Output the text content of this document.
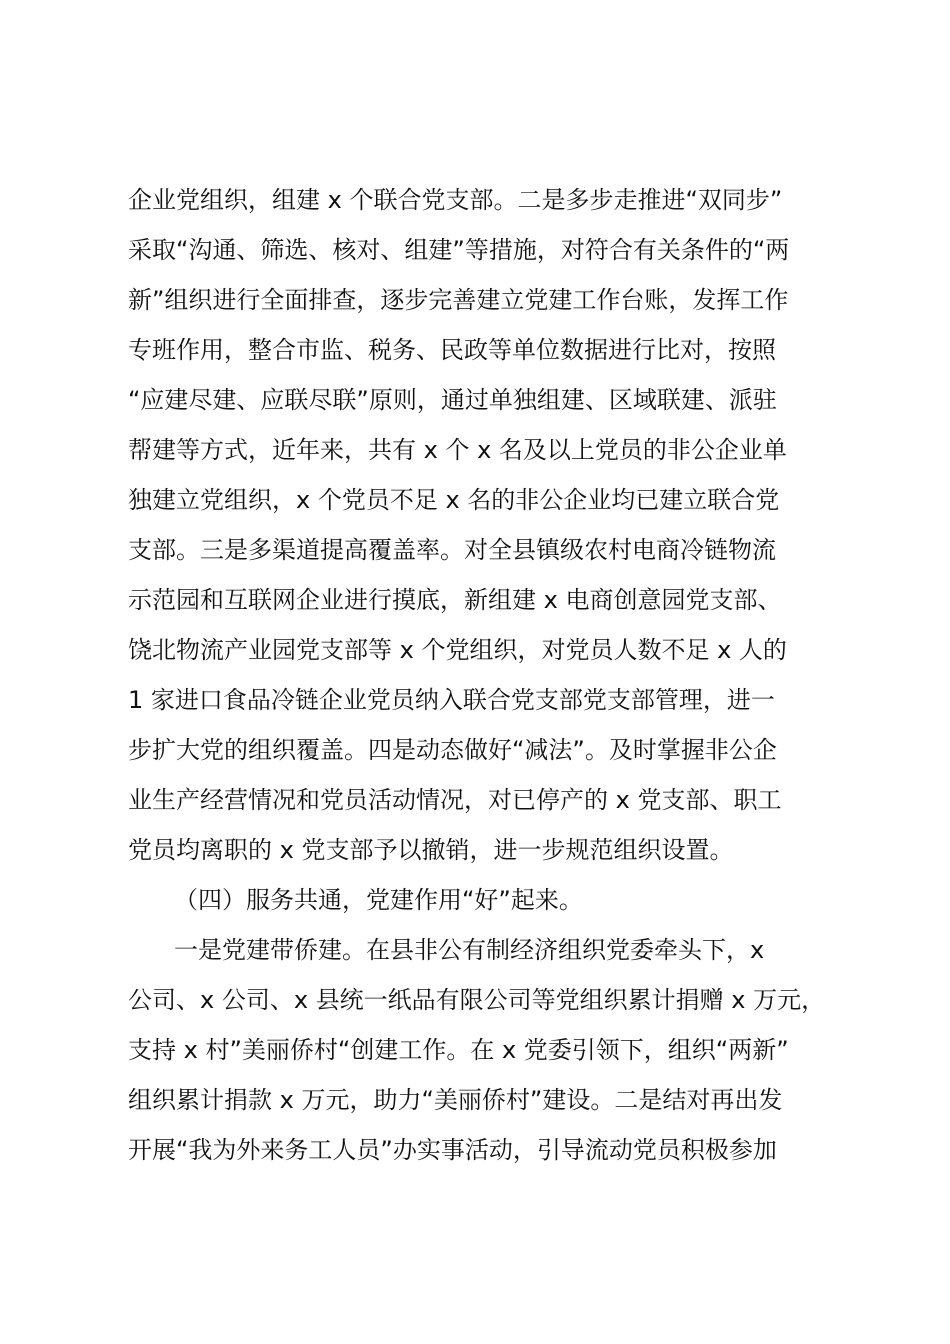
企业党组织，组建 x 个联合党支部。二是多步走推进“双同步”
采取“沟通、筛选、核对、组建”等措施，对符合有关条件的“两
新”组织进行全面排查，逐步完善建立党建工作台账，发挥工作
专班作用，整合市监、税务、民政等单位数据进行比对，按照
“应建尽建、应联尽联”原则，通过单独组建、区域联建、派驻
帮建等方式，近年来，共有 x 个 x 名及以上党员的非公企业单
独建立党组织，x 个党员不足 x 名的非公企业均已建立联合党
支部。三是多渠道提高覆盖率。对全县镇级农村电商冷链物流
示范园和互联网企业进行摸底，新组建 x 电商创意园党支部、
饶北物流产业园党支部等 x 个党组织，对党员人数不足 x 人的
1 家进口食品冷链企业党员纳入联合党支部党支部管理，进一
步扩大党的组织覆盖。四是动态做好“减法”。及时掌握非公企
业生产经营情况和党员活动情况，对已停产的 x 党支部、职工
党员均离职的 x 党支部予以撤销，进一步规范组织设置。
（四）服务共通，党建作用“好”起来。
一是党建带侨建。在县非公有制经济组织党委牵头下，x
公司、x 公司、x 县统一纸品有限公司等党组织累计捐赠 x 万元，
支持 x 村”美丽侨村“创建工作。在 x 党委引领下，组织“两新”
组织累计捐款 x 万元，助力“美丽侨村”建设。二是结对再出发
开展“我为外来务工人员”办实事活动，引导流动党员积极参加
